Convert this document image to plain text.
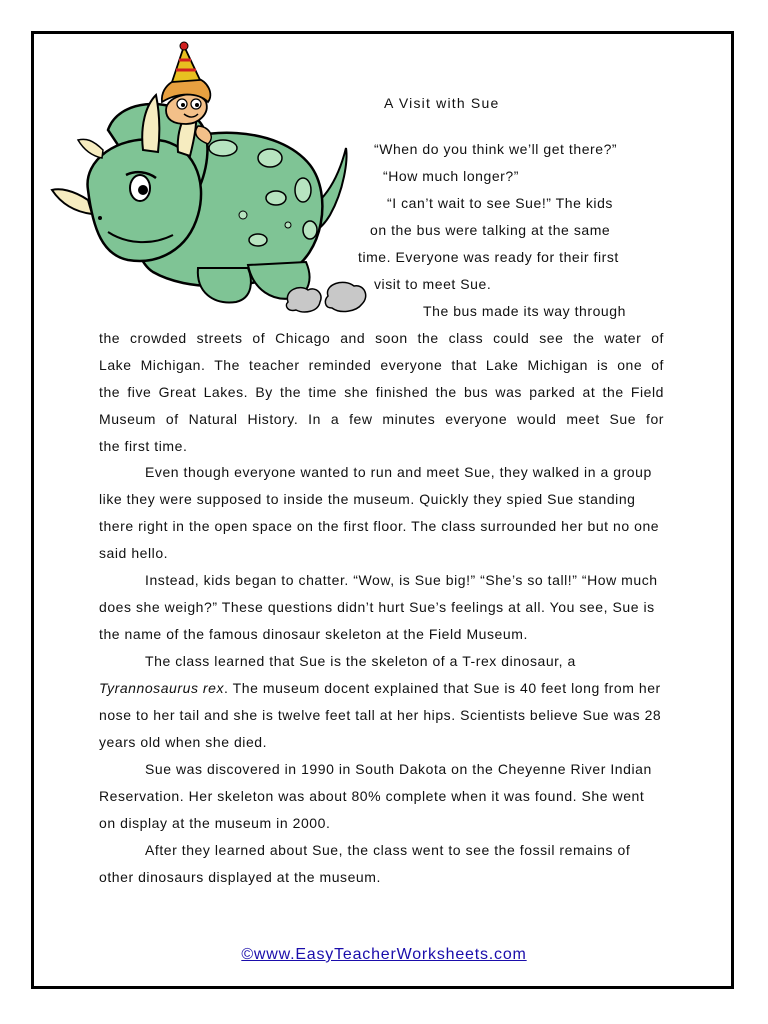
A Visit with Sue
“When do you think we’ll get there?”
“How much longer?”
“I can’t wait to see Sue!” The kids
on the bus were talking at the same
time. Everyone was ready for their first
visit to meet Sue.
The bus made its way through
the crowded streets of Chicago and soon the class could see the water of
Lake Michigan. The teacher reminded everyone that Lake Michigan is one of
the five Great Lakes. By the time she finished the bus was parked at the Field
Museum of Natural History. In a few minutes everyone would meet Sue for
the first time.

Even though everyone wanted to run and meet Sue, they walked in a group like they were supposed to inside the museum. Quickly they spied Sue standing there right in the open space on the first floor. The class surrounded her but no one said hello.

Instead, kids began to chatter. “Wow, is Sue big!” “She’s so tall!” “How much does she weigh?” These questions didn’t hurt Sue’s feelings at all. You see, Sue is the name of the famous dinosaur skeleton at the Field Museum.

The class learned that Sue is the skeleton of a T-rex dinosaur, a Tyrannosaurus rex. The museum docent explained that Sue is 40 feet long from her nose to her tail and she is twelve feet tall at her hips. Scientists believe Sue was 28 years old when she died.

Sue was discovered in 1990 in South Dakota on the Cheyenne River Indian Reservation. Her skeleton was about 80% complete when it was found. She went on display at the museum in 2000.

After they learned about Sue, the class went to see the fossil remains of other dinosaurs displayed at the museum.

©www.EasyTeacherWorksheets.com
